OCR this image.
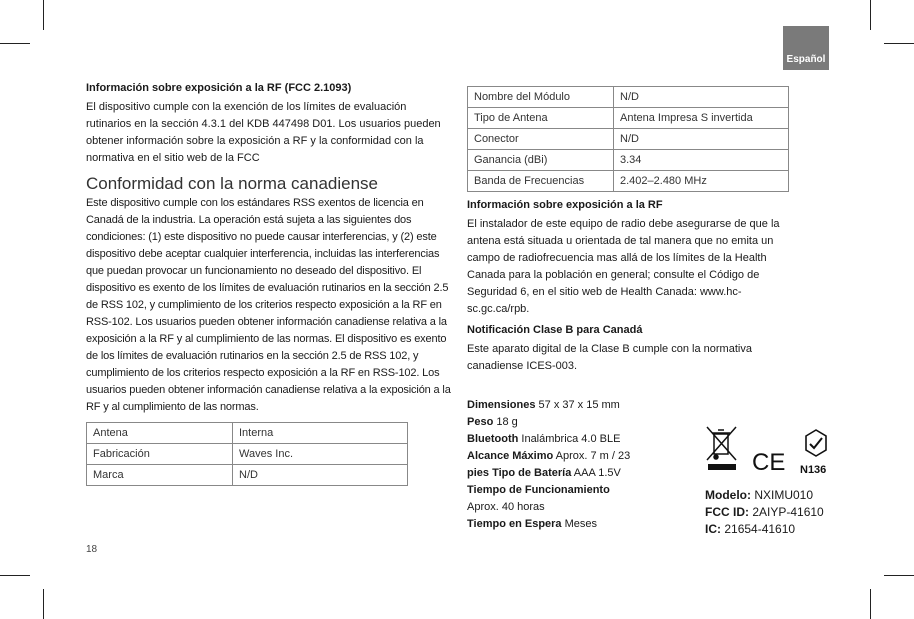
Español
Información sobre exposición a la RF (FCC 2.1093)

El dispositivo cumple con la exención de los límites de evaluación rutinarios en la sección 4.3.1 del KDB 447498 D01. Los usuarios pueden obtener información sobre la exposición a RF y la conformidad con la normativa en el sitio web de la FCC

Conformidad con la norma canadiense

Este dispositivo cumple con los estándares RSS exentos de licencia en Canadá de la industria. La operación está sujeta a las siguientes dos condiciones: (1) este dispositivo no puede causar interferencias, y (2) este dispositivo debe aceptar cualquier interferencia, incluidas las interferencias que puedan provocar un funcionamiento no deseado del dispositivo. El dispositivo es exento de los límites de evaluación rutinarios en la sección 2.5 de RSS 102, y cumplimiento de los criterios respecto exposición a la RF en RSS-102. Los usuarios pueden obtener información canadiense relativa a la exposición a la RF y al cumplimiento de las normas. El dispositivo es exento de los límites de evaluación rutinarios en la sección 2.5 de RSS 102, y cumplimiento de los criterios respecto exposición a la RF en RSS-102. Los usuarios pueden obtener información canadiense relativa a la exposición a la RF y al cumplimiento de las normas.

Antena	Interna
Fabricación	Waves Inc.
Marca	N/D
Nombre del Módulo	N/D
Tipo de Antena	Antena Impresa S invertida
Conector	N/D
Ganancia (dBi)	3.34
Banda de Frecuencias	2.402–2.480 MHz
Información sobre exposición a la RF

El instalador de este equipo de radio debe asegurarse de que la antena está situada u orientada de tal manera que no emita un campo de radiofrecuencia mas allá de los límites de la Health Canada para la población en general; consulte el Código de Seguridad 6, en el sitio web de Health Canada: www.hc-sc.gc.ca/rpb.

Notificación Clase B para Canadá

Este aparato digital de la Clase B cumple con la normativa canadiense ICES-003.

Dimensiones 57 x 37 x 15 mm
Peso 18 g
Bluetooth Inalámbrica 4.0 BLE
Alcance Máximo Aprox. 7 m / 23
pies Tipo de Batería AAA 1.5V
Tiempo de Funcionamiento
Aprox. 40 horas
Tiempo en Espera Meses
CE N136
Modelo: NXIMU010
FCC ID: 2AIYP-41610
IC: 21654-41610
18
